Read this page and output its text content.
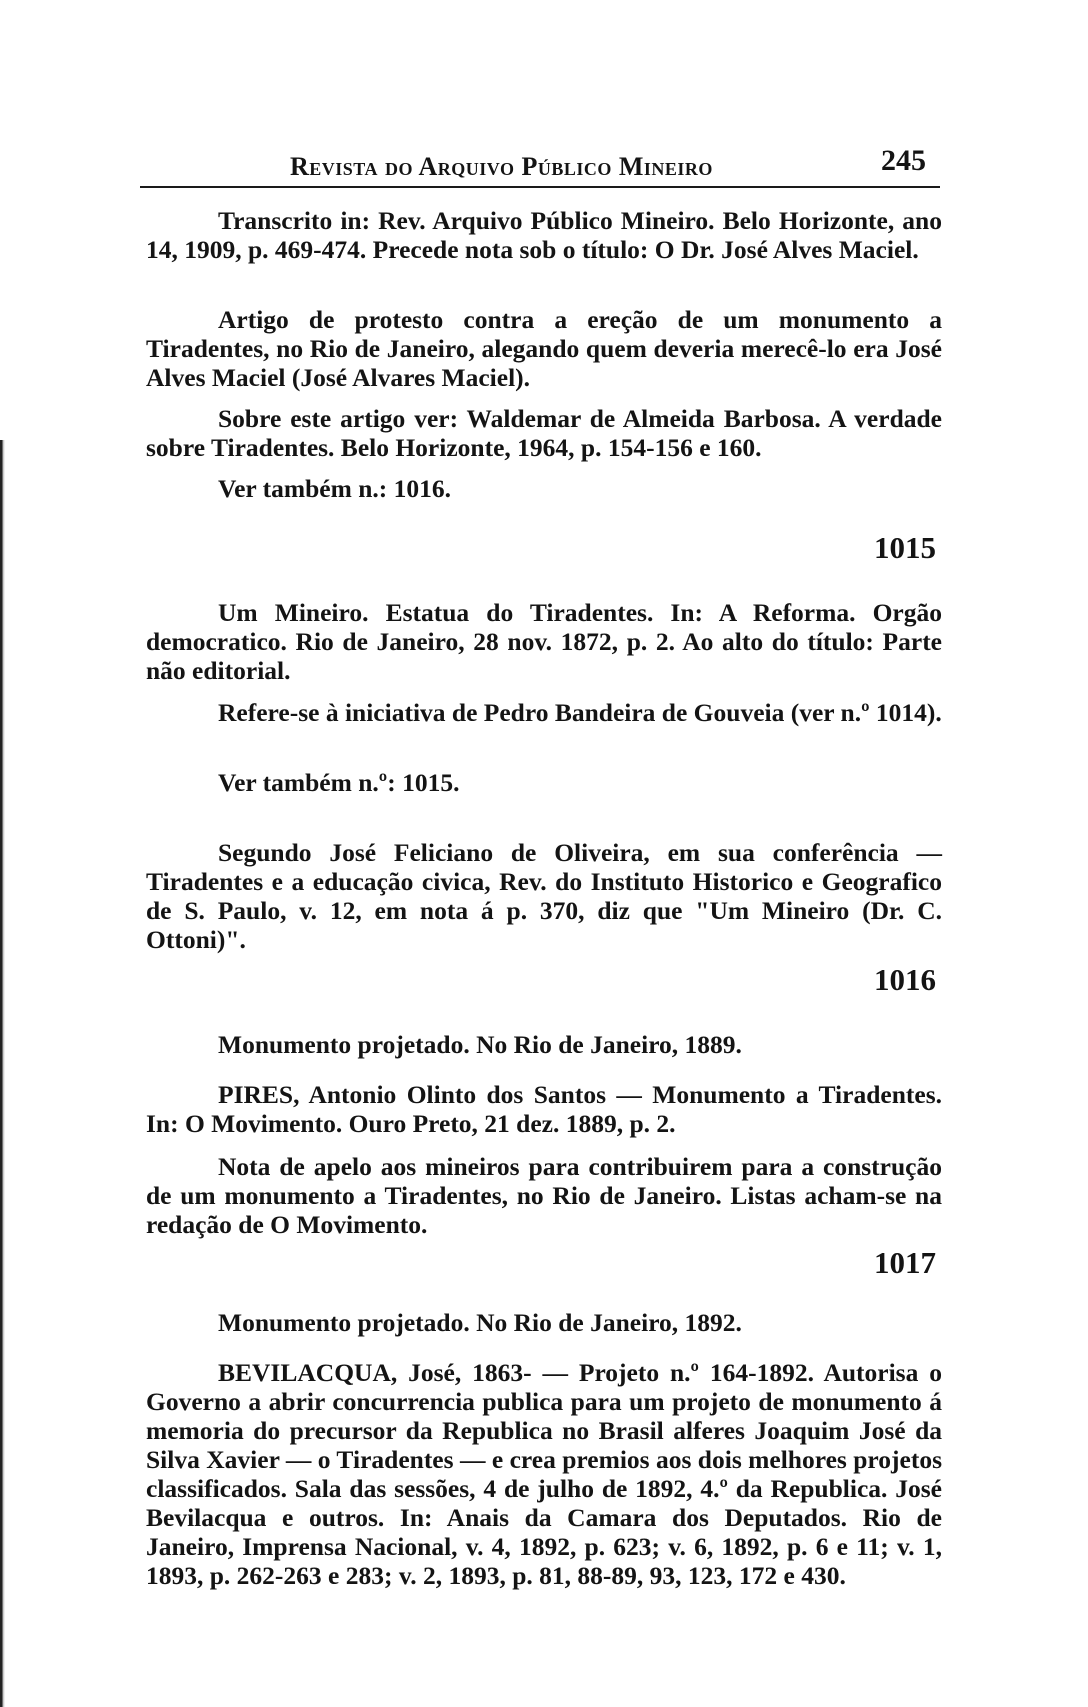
Revista do Arquivo Público Mineiro	245

Transcrito in: Rev. Arquivo Público Mineiro. Belo Horizonte, ano 14, 1909, p. 469-474. Precede nota sob o título: O Dr. José Alves Maciel.

Artigo de protesto contra a ereção de um monumento a Tiradentes, no Rio de Janeiro, alegando quem deveria merecê-lo era José Alves Maciel (José Alvares Maciel).

Sobre este artigo ver: Waldemar de Almeida Barbosa. A verdade sobre Tiradentes. Belo Horizonte, 1964, p. 154-156 e 160.

Ver também n.: 1016.

1015

Um Mineiro. Estatua do Tiradentes. In: A Reforma. Orgão democratico. Rio de Janeiro, 28 nov. 1872, p. 2. Ao alto do título: Parte não editorial.

Refere-se à iniciativa de Pedro Bandeira de Gouveia (ver n.º 1014).

Ver também n.º: 1015.

Segundo José Feliciano de Oliveira, em sua conferência — Tiradentes e a educação civica, Rev. do Instituto Historico e Geografico de S. Paulo, v. 12, em nota á p. 370, diz que "Um Mineiro (Dr. C. Ottoni)".

1016

Monumento projetado. No Rio de Janeiro, 1889.

PIRES, Antonio Olinto dos Santos — Monumento a Tiradentes. In: O Movimento. Ouro Preto, 21 dez. 1889, p. 2.

Nota de apelo aos mineiros para contribuirem para a construção de um monumento a Tiradentes, no Rio de Janeiro. Listas acham-se na redação de O Movimento.

1017

Monumento projetado. No Rio de Janeiro, 1892.

BEVILACQUA, José, 1863- — Projeto n.º 164-1892. Autorisa o Governo a abrir concurrencia publica para um projeto de monumento á memoria do precursor da Republica no Brasil alferes Joaquim José da Silva Xavier — o Tiradentes — e crea premios aos dois melhores projetos classificados. Sala das sessões, 4 de julho de 1892, 4.º da Republica. José Bevilacqua e outros. In: Anais da Camara dos Deputados. Rio de Janeiro, Imprensa Nacional, v. 4, 1892, p. 623; v. 6, 1892, p. 6 e 11; v. 1, 1893, p. 262-263 e 283; v. 2, 1893, p. 81, 88-89, 93, 123, 172 e 430.
